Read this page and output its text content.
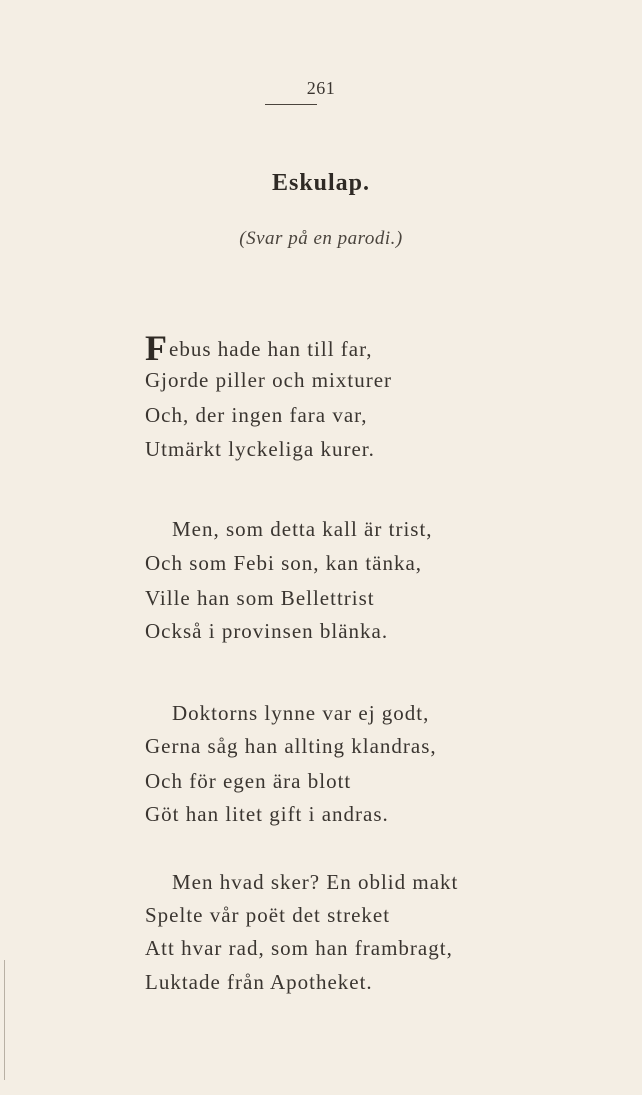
261
Eskulap.
(Svar på en parodi.)
Febus hade han till far,
Gjorde piller och mixturer
Och, der ingen fara var,
Utmärkt lyckeliga kurer.
Men, som detta kall är trist,
Och som Febi son, kan tänka,
Ville han som Bellettrist
Också i provinsen blänka.
Doktorns lynne var ej godt,
Gerna såg han allting klandras,
Och för egen ära blott
Göt han litet gift i andras.
Men hvad sker? En oblid makt
Spelte vår poët det streket
Att hvar rad, som han frambragt,
Luktade från Apotheket.
